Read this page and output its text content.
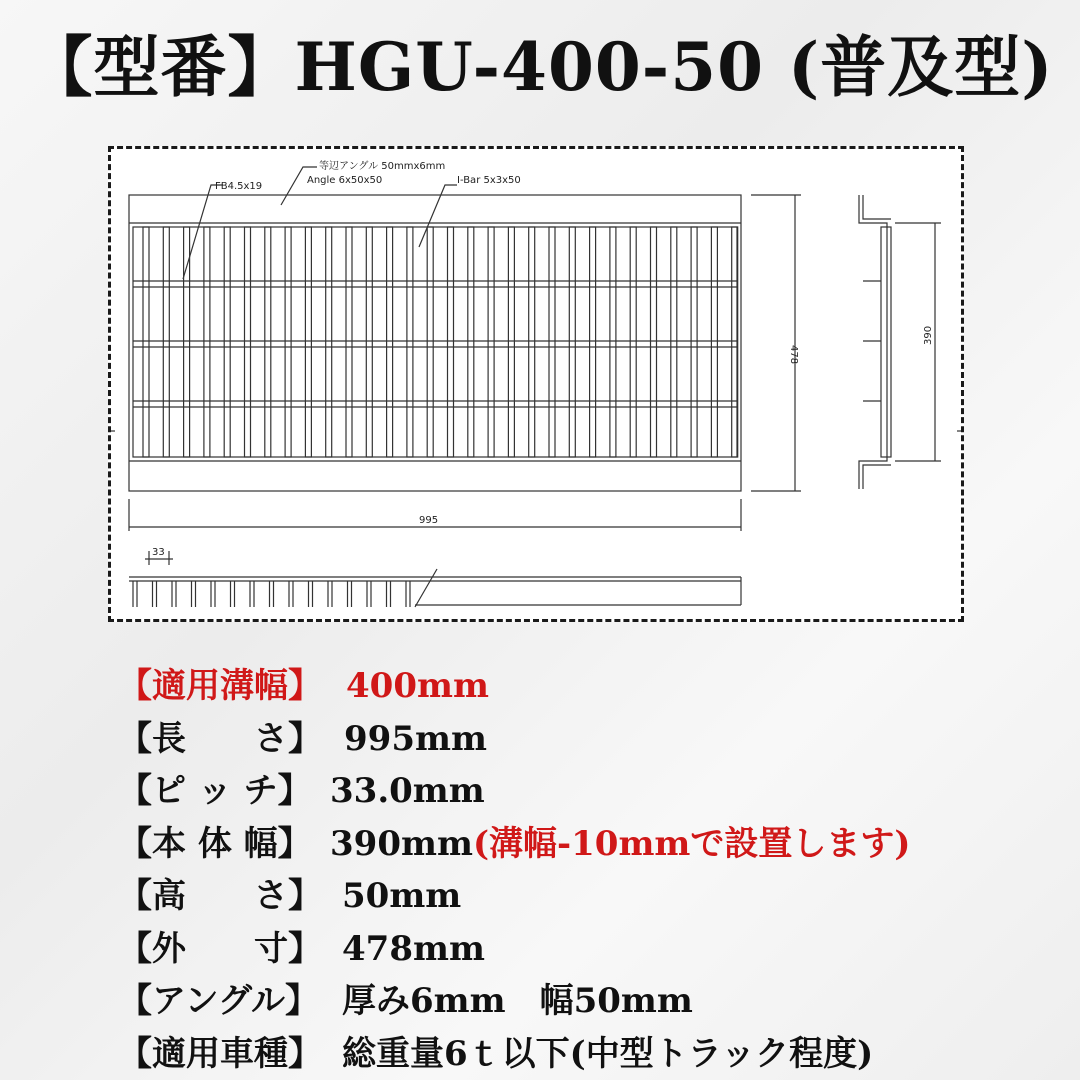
【型番】HGU-400-50 (普及型)
FB4.5x19
等辺アングル 50mmx6mm
Angle 6x50x50	I-Bar 5x3x50
995
478
390
33
【適用溝幅】 400mm
【長　　さ】 995mm
【ピ ッ チ】 33.0mm
【本 体 幅】 390mm(溝幅-10mmで設置します)
【高　　さ】 50mm
【外　　寸】 478mm
【アングル】 厚み6mm　幅50mm
【適用車種】 総重量6ｔ以下(中型トラック程度)
